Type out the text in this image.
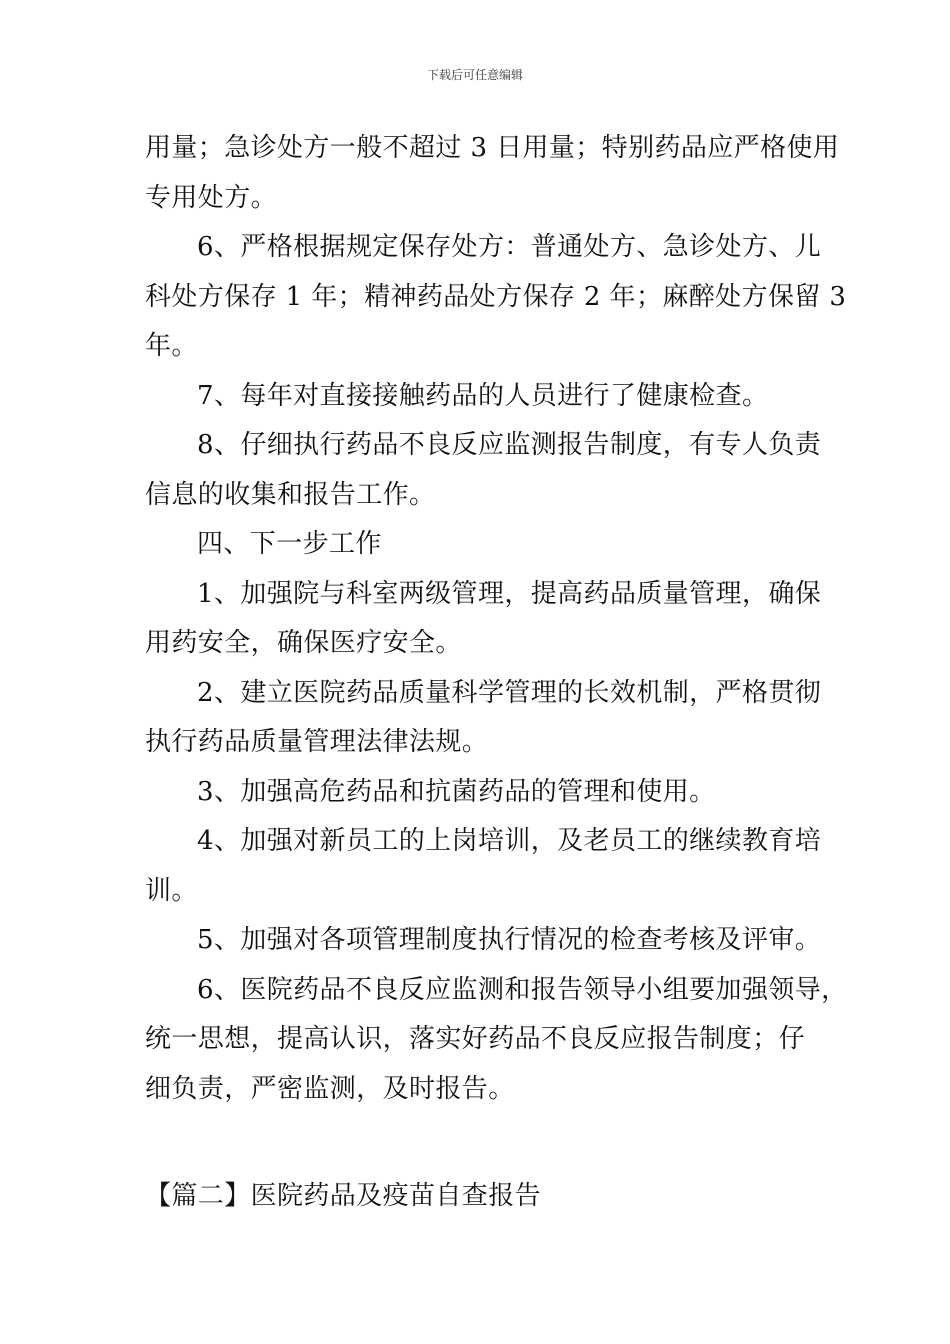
下载后可任意编辑
用量；急诊处方一般不超过 3 日用量；特别药品应严格使用
专用处方。
6、严格根据规定保存处方：普通处方、急诊处方、儿
科处方保存 1 年；精神药品处方保存 2 年；麻醉处方保留 3
年。
7、每年对直接接触药品的人员进行了健康检查。
8、仔细执行药品不良反应监测报告制度，有专人负责
信息的收集和报告工作。
四、下一步工作
1、加强院与科室两级管理，提高药品质量管理，确保
用药安全，确保医疗安全。
2、建立医院药品质量科学管理的长效机制，严格贯彻
执行药品质量管理法律法规。
3、加强高危药品和抗菌药品的管理和使用。
4、加强对新员工的上岗培训，及老员工的继续教育培
训。
5、加强对各项管理制度执行情况的检查考核及评审。
6、医院药品不良反应监测和报告领导小组要加强领导，
统一思想，提高认识，落实好药品不良反应报告制度；仔
细负责，严密监测，及时报告。
【篇二】医院药品及疫苗自查报告
